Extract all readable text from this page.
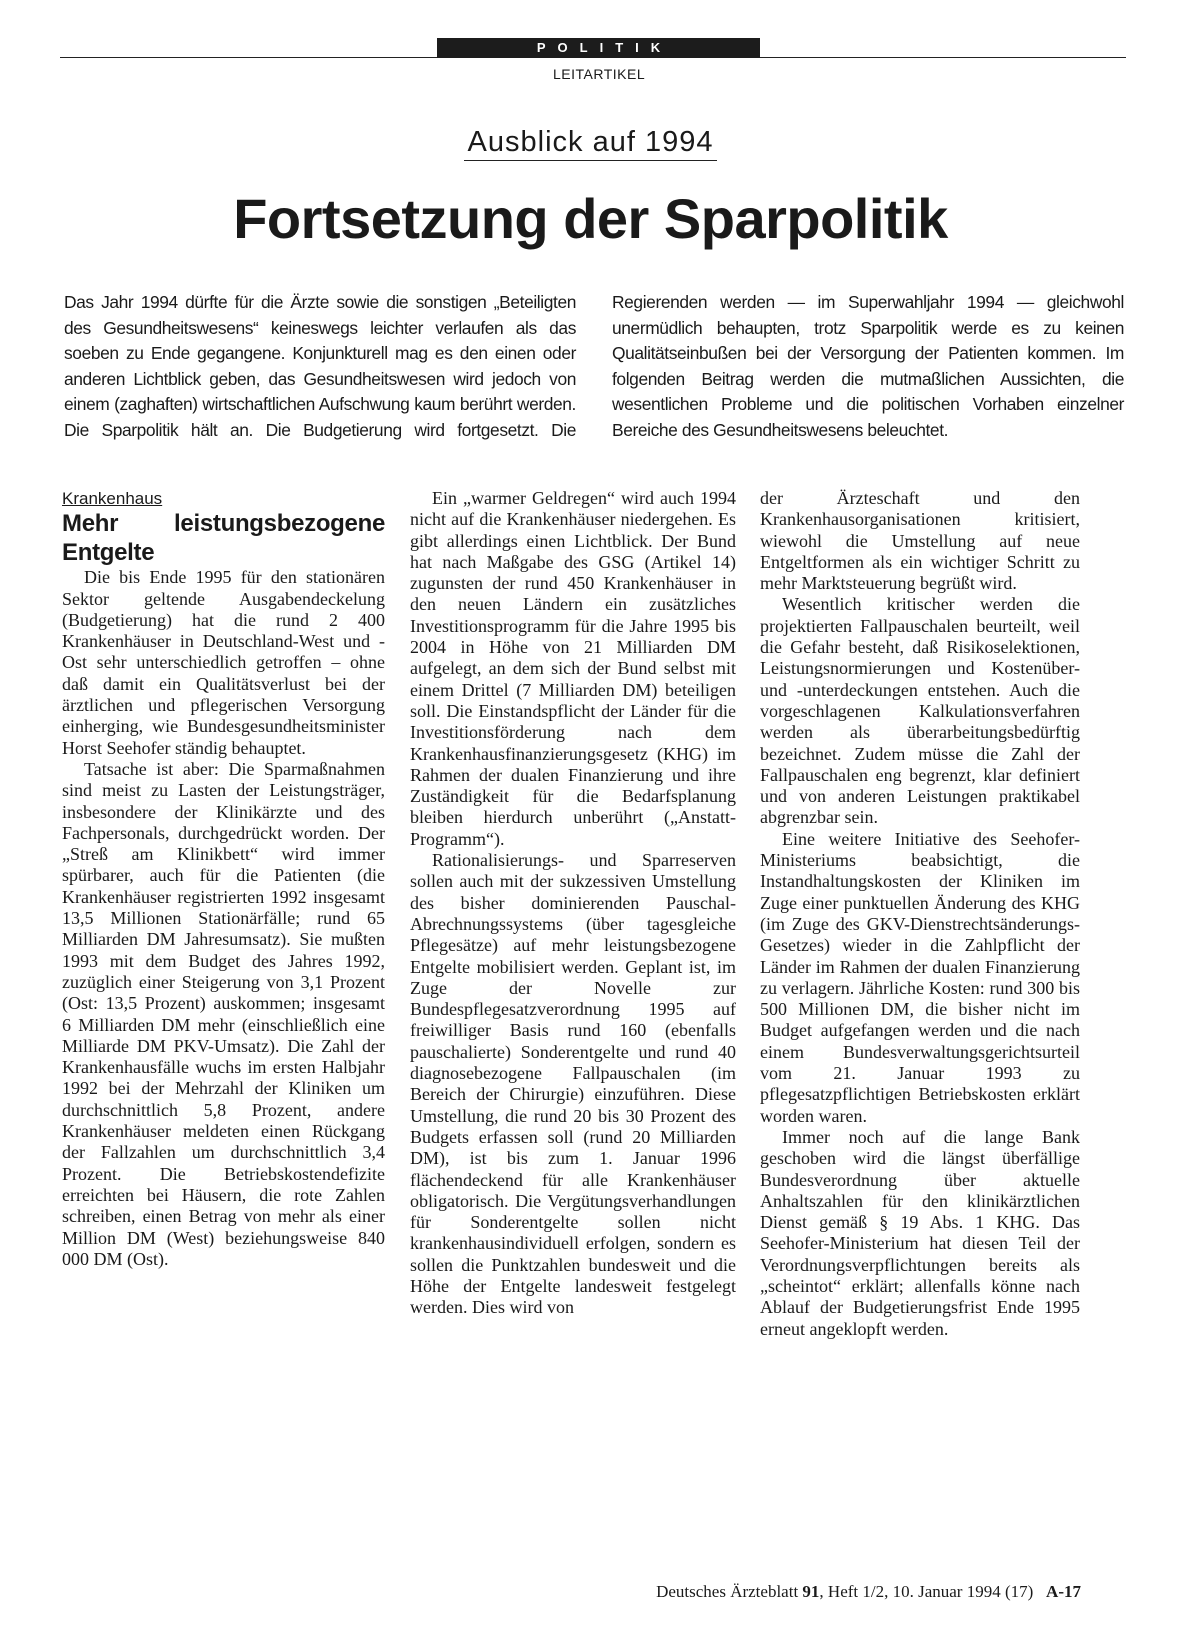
POLITIK
LEITARTIKEL
Ausblick auf 1994
Fortsetzung der Sparpolitik
Das Jahr 1994 dürfte für die Ärzte sowie die sonstigen „Beteiligten des Gesundheitswesens“ keineswegs leichter verlaufen als das soeben zu Ende gegangene. Konjunkturell mag es den einen oder anderen Lichtblick geben, das Gesundheitswesen wird jedoch von einem (zaghaften) wirtschaftlichen Aufschwung kaum berührt werden. Die Sparpolitik hält an. Die Budgetierung wird fortgesetzt. Die Regierenden werden — im Superwahljahr 1994 — gleichwohl unermüdlich behaupten, trotz Sparpolitik werde es zu keinen Qualitätseinbußen bei der Versorgung der Patienten kommen. Im folgenden Beitrag werden die mutmaßlichen Aussichten, die wesentlichen Probleme und die politischen Vorhaben einzelner Bereiche des Gesundheitswesens beleuchtet.

Krankenhaus

Mehr leistungsbezogene Entgelte

Die bis Ende 1995 für den stationären Sektor geltende Ausgabendeckelung (Budgetierung) hat die rund 2 400 Krankenhäuser in Deutschland-West und -Ost sehr unterschiedlich getroffen – ohne daß damit ein Qualitätsverlust bei der ärztlichen und pflegerischen Versorgung einherging, wie Bundesgesundheitsminister Horst Seehofer ständig behauptet.

Tatsache ist aber: Die Sparmaßnahmen sind meist zu Lasten der Leistungsträger, insbesondere der Klinikärzte und des Fachpersonals, durchgedrückt worden. Der „Streß am Klinikbett“ wird immer spürbarer, auch für die Patienten (die Krankenhäuser registrierten 1992 insgesamt 13,5 Millionen Stationärfälle; rund 65 Milliarden DM Jahresumsatz). Sie mußten 1993 mit dem Budget des Jahres 1992, zuzüglich einer Steigerung von 3,1 Prozent (Ost: 13,5 Prozent) auskommen; insgesamt 6 Milliarden DM mehr (einschließlich eine Milliarde DM PKV-Umsatz). Die Zahl der Krankenhausfälle wuchs im ersten Halbjahr 1992 bei der Mehrzahl der Kliniken um durchschnittlich 5,8 Prozent, andere Krankenhäuser meldeten einen Rückgang der Fallzahlen um durchschnittlich 3,4 Prozent. Die Betriebskostendefizite erreichten bei Häusern, die rote Zahlen schreiben, einen Betrag von mehr als einer Million DM (West) beziehungsweise 840 000 DM (Ost).

Ein „warmer Geldregen“ wird auch 1994 nicht auf die Krankenhäuser niedergehen. Es gibt allerdings einen Lichtblick. Der Bund hat nach Maßgabe des GSG (Artikel 14) zugunsten der rund 450 Krankenhäuser in den neuen Ländern ein zusätzliches Investitionsprogramm für die Jahre 1995 bis 2004 in Höhe von 21 Milliarden DM aufgelegt, an dem sich der Bund selbst mit einem Drittel (7 Milliarden DM) beteiligen soll. Die Einstandspflicht der Länder für die Investitionsförderung nach dem Krankenhausfinanzierungsgesetz (KHG) im Rahmen der dualen Finanzierung und ihre Zuständigkeit für die Bedarfsplanung bleiben hierdurch unberührt („Anstatt-Programm“).

Rationalisierungs- und Sparreserven sollen auch mit der sukzessiven Umstellung des bisher dominierenden Pauschal-Abrechnungssystems (über tagesgleiche Pflegesätze) auf mehr leistungsbezogene Entgelte mobilisiert werden. Geplant ist, im Zuge der Novelle zur Bundespflegesatzverordnung 1995 auf freiwilliger Basis rund 160 (ebenfalls pauschalierte) Sonderentgelte und rund 40 diagnosebezogene Fallpauschalen (im Bereich der Chirurgie) einzuführen. Diese Umstellung, die rund 20 bis 30 Prozent des Budgets erfassen soll (rund 20 Milliarden DM), ist bis zum 1. Januar 1996 flächendeckend für alle Krankenhäuser obligatorisch. Die Vergütungsverhandlungen für Sonderentgelte sollen nicht krankenhausindividuell erfolgen, sondern es sollen die Punktzahlen bundesweit und die Höhe der Entgelte landesweit festgelegt werden. Dies wird von

der Ärzteschaft und den Krankenhausorganisationen kritisiert, wiewohl die Umstellung auf neue Entgeltformen als ein wichtiger Schritt zu mehr Marktsteuerung begrüßt wird.

Wesentlich kritischer werden die projektierten Fallpauschalen beurteilt, weil die Gefahr besteht, daß Risikoselektionen, Leistungsnormierungen und Kostenüber- und -unterdeckungen entstehen. Auch die vorgeschlagenen Kalkulationsverfahren werden als überarbeitungsbedürftig bezeichnet. Zudem müsse die Zahl der Fallpauschalen eng begrenzt, klar definiert und von anderen Leistungen praktikabel abgrenzbar sein.

Eine weitere Initiative des Seehofer-Ministeriums beabsichtigt, die Instandhaltungskosten der Kliniken im Zuge einer punktuellen Änderung des KHG (im Zuge des GKV-Dienstrechtsänderungs-Gesetzes) wieder in die Zahlpflicht der Länder im Rahmen der dualen Finanzierung zu verlagern. Jährliche Kosten: rund 300 bis 500 Millionen DM, die bisher nicht im Budget aufgefangen werden und die nach einem Bundesverwaltungsgerichtsurteil vom 21. Januar 1993 zu pflegesatzpflichtigen Betriebskosten erklärt worden waren.

Immer noch auf die lange Bank geschoben wird die längst überfällige Bundesverordnung über aktuelle Anhaltszahlen für den klinikärztlichen Dienst gemäß § 19 Abs. 1 KHG. Das Seehofer-Ministerium hat diesen Teil der Verordnungsverpflichtungen bereits als „scheintot“ erklärt; allenfalls könne nach Ablauf der Budgetierungsfrist Ende 1995 erneut angeklopft werden.

Deutsches Ärzteblatt 91, Heft 1/2, 10. Januar 1994 (17) A-17
